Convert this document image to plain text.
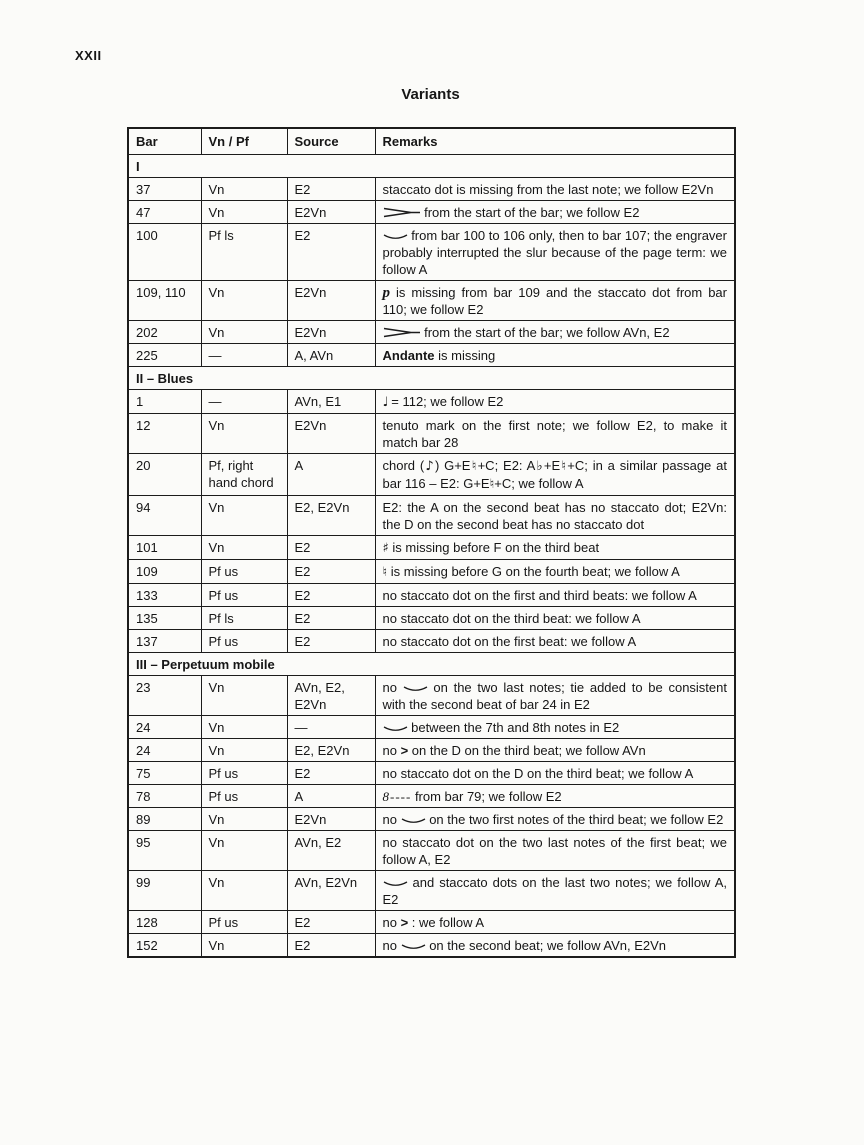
XXII
Variants
Bar	Vn / Pf	Source	Remarks
I			
37	Vn	E2	staccato dot is missing from the last note; we follow E2Vn
47	Vn	E2Vn	from the start of the bar; we follow E2
100	Pf ls	E2	from bar 100 to 106 only, then to bar 107; the engraver probably interrupted the slur because of the page term: we follow A
109, 110	Vn	E2Vn	p is missing from bar 109 and the staccato dot from bar 110; we follow E2
202	Vn	E2Vn	from the start of the bar; we follow AVn, E2
225	—	A, AVn	Andante is missing
II – Blues			
1	—	AVn, E1	♩ = 112; we follow E2
12	Vn	E2Vn	tenuto mark on the first note; we follow E2, to make it match bar 28
20	Pf, right hand chord	A	chord (♪) G+E♮+C; E2: A♭+E♮+C; in a similar passage at bar 116 – E2: G+E♮+C; we follow A
94	Vn	E2, E2Vn	E2: the A on the second beat has no staccato dot; E2Vn: the D on the second beat has no staccato dot
101	Vn	E2	♯ is missing before F on the third beat
109	Pf us	E2	♮ is missing before G on the fourth beat; we follow A
133	Pf us	E2	no staccato dot on the first and third beats: we follow A
135	Pf ls	E2	no staccato dot on the third beat: we follow A
137	Pf us	E2	no staccato dot on the first beat: we follow A
III – Perpetuum mobile			
23	Vn	AVn, E2, E2Vn	no  on the two last notes; tie added to be consistent with the second beat of bar 24 in E2
24	Vn	—	between the 7th and 8th notes in E2
24	Vn	E2, E2Vn	no > on the D on the third beat; we follow AVn
75	Pf us	E2	no staccato dot on the D on the third beat; we follow A
78	Pf us	A	8---- from bar 79; we follow E2
89	Vn	E2Vn	no  on the two first notes of the third beat; we follow E2
95	Vn	AVn, E2	no staccato dot on the two last notes of the first beat; we follow A, E2
99	Vn	AVn, E2Vn	and staccato dots on the last two notes; we follow A, E2
128	Pf us	E2	no > : we follow A
152	Vn	E2	no  on the second beat; we follow AVn, E2Vn
